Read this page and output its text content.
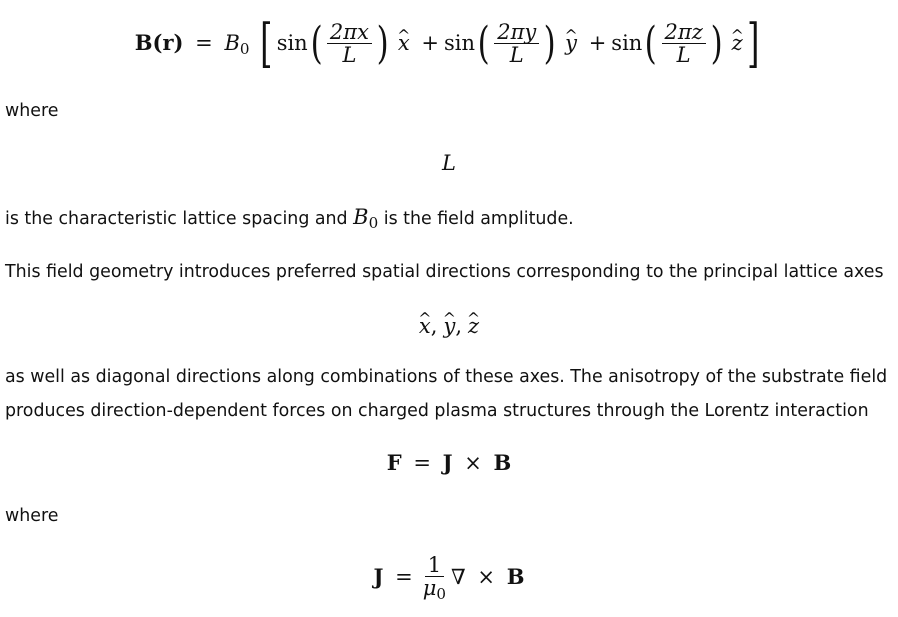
$B(r) = B_0$ [ $\sin( \frac{2\pi x}{L}$ ) ^ $x + \sin( \frac{2\pi y}{L}$ ) ^ $y + \sin( \frac{2\pi z}{L}$ ) ^ z]
where
L
is the characteristic lattice spacing and $B_0$ is the field amplitude.
This field geometry introduces preferred spatial directions corresponding to the principal lattice axes
^ x, ^ y, ^ z
as well as diagonal directions along combinations of these axes. The anisotropy of the substrate field
produces direction-dependent forces on charged plasma structures through the Lorentz interaction
F = J × B
where
$J = \frac{1}{\mu_0}$ ∇ × B
